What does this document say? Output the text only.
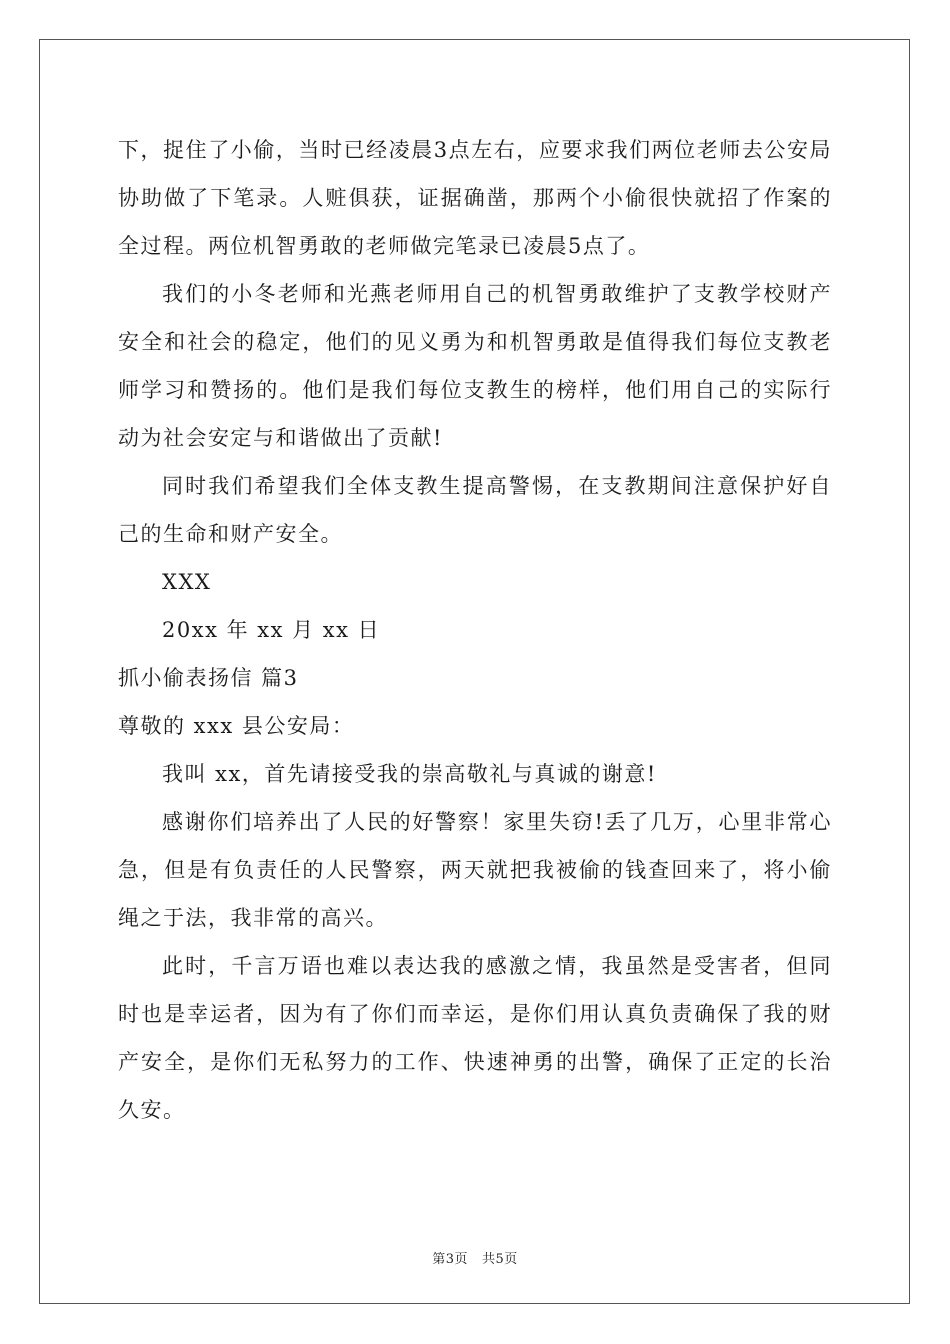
下，捉住了小偷，当时已经凌晨3点左右，应要求我们两位老师去公安局协助做了下笔录。人赃俱获，证据确凿，那两个小偷很快就招了作案的全过程。两位机智勇敢的老师做完笔录已凌晨5点了。

我们的小冬老师和光燕老师用自己的机智勇敢维护了支教学校财产安全和社会的稳定，他们的见义勇为和机智勇敢是值得我们每位支教老师学习和赞扬的。他们是我们每位支教生的榜样，他们用自己的实际行动为社会安定与和谐做出了贡献!

同时我们希望我们全体支教生提高警惕，在支教期间注意保护好自己的生命和财产安全。

XXX

20xx 年 xx 月 xx 日

抓小偷表扬信 篇3

尊敬的 xxx 县公安局：

我叫 xx，首先请接受我的崇高敬礼与真诚的谢意!

感谢你们培养出了人民的好警察！家里失窃!丢了几万，心里非常心急，但是有负责任的人民警察，两天就把我被偷的钱查回来了，将小偷绳之于法，我非常的高兴。

此时，千言万语也难以表达我的感激之情，我虽然是受害者，但同时也是幸运者，因为有了你们而幸运，是你们用认真负责确保了我的财产安全，是你们无私努力的工作、快速神勇的出警，确保了正定的长治久安。

第3页 共5页
